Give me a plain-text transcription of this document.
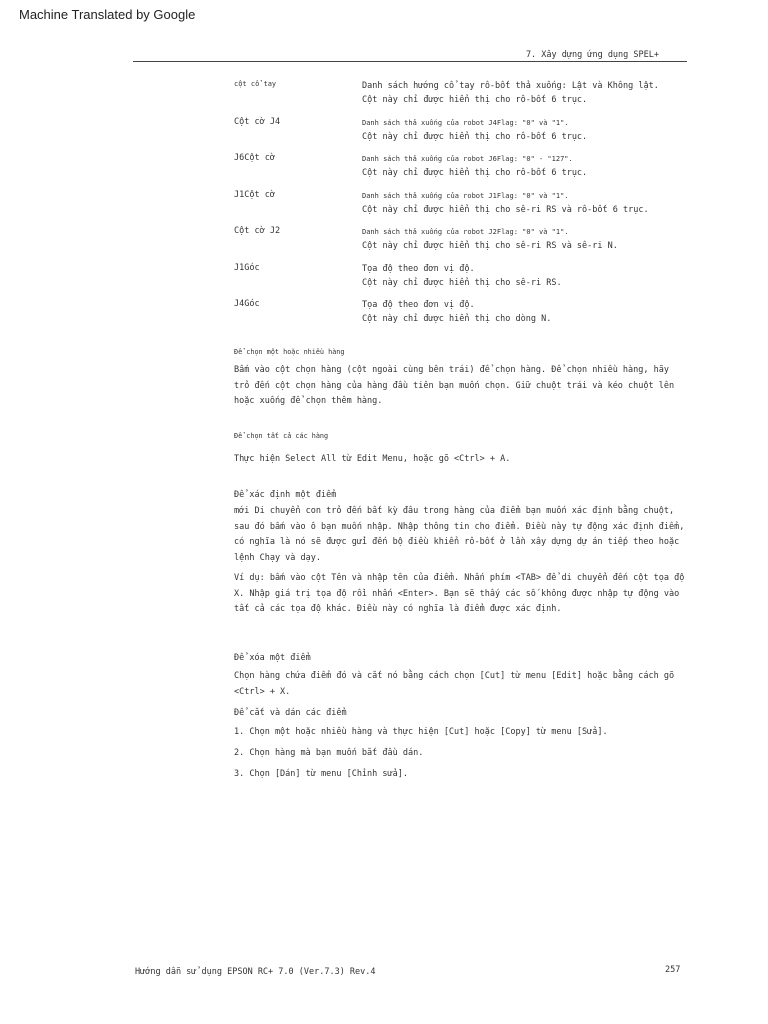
Machine Translated by Google
7. Xây dựng ứng dụng SPEL+
cột cổ tay	Danh sách hướng cổ tay rô-bốt thả xuống: Lật và Không lật.
Cột này chỉ được hiển thị cho rô-bốt 6 trục.
Cột cờ J4	Danh sách thả xuống của robot J4Flag: "0" và "1".
Cột này chỉ được hiển thị cho rô-bốt 6 trục.
J6Cột cờ	Danh sách thả xuống của robot J6Flag: "0" - "127".
Cột này chỉ được hiển thị cho rô-bốt 6 trục.
J1Cột cờ	Danh sách thả xuống của robot J1Flag: "0" và "1".
Cột này chỉ được hiển thị cho sê-ri RS và rô-bốt 6 trục.
Cột cờ J2	Danh sách thả xuống của robot J2Flag: "0" và "1".
Cột này chỉ được hiển thị cho sê-ri RS và sê-ri N.
J1Góc	Tọa độ theo đơn vị độ.
Cột này chỉ được hiển thị cho sê-ri RS.
J4Góc	Tọa độ theo đơn vị độ.
Cột này chỉ được hiển thị cho dòng N.
Để chọn một hoặc nhiều hàng
Bấm vào cột chọn hàng (cột ngoài cùng bên trái) để chọn hàng. Để chọn nhiều hàng, hãy
trỏ đến cột chọn hàng của hàng đầu tiên bạn muốn chọn. Giữ chuột trái và kéo chuột lên
hoặc xuống để chọn thêm hàng.
Để chọn tất cả các hàng
Thực hiện Select All từ Edit Menu, hoặc gõ <Ctrl> + A.
Để xác định một điểm
mới Di chuyển con trỏ đến bất kỳ đâu trong hàng của điểm bạn muốn xác định bằng chuột,
sau đó bấm vào ô bạn muốn nhập. Nhập thông tin cho điểm. Điều này tự động xác định điểm,
có nghĩa là nó sẽ được gửi đến bộ điều khiển rô-bốt ở lần xây dựng dự án tiếp theo hoặc
lệnh Chạy và dạy.
Ví dụ: bấm vào cột Tên và nhập tên của điểm. Nhấn phím <TAB> để di chuyển đến cột tọa độ
X. Nhập giá trị tọa độ rồi nhấn <Enter>. Bạn sẽ thấy các số không được nhập tự động vào
tất cả các tọa độ khác. Điều này có nghĩa là điểm được xác định.
Để xóa một điểm
Chọn hàng chứa điểm đó và cắt nó bằng cách chọn [Cut] từ menu [Edit] hoặc bằng cách gõ
<Ctrl> + X.
Để cắt và dán các điểm
1. Chọn một hoặc nhiều hàng và thực hiện [Cut] hoặc [Copy] từ menu [Sửa].
2. Chọn hàng mà bạn muốn bắt đầu dán.
3. Chọn [Dán] từ menu [Chỉnh sửa].
Hướng dẫn sử dụng EPSON RC+ 7.0 (Ver.7.3) Rev.4	257
